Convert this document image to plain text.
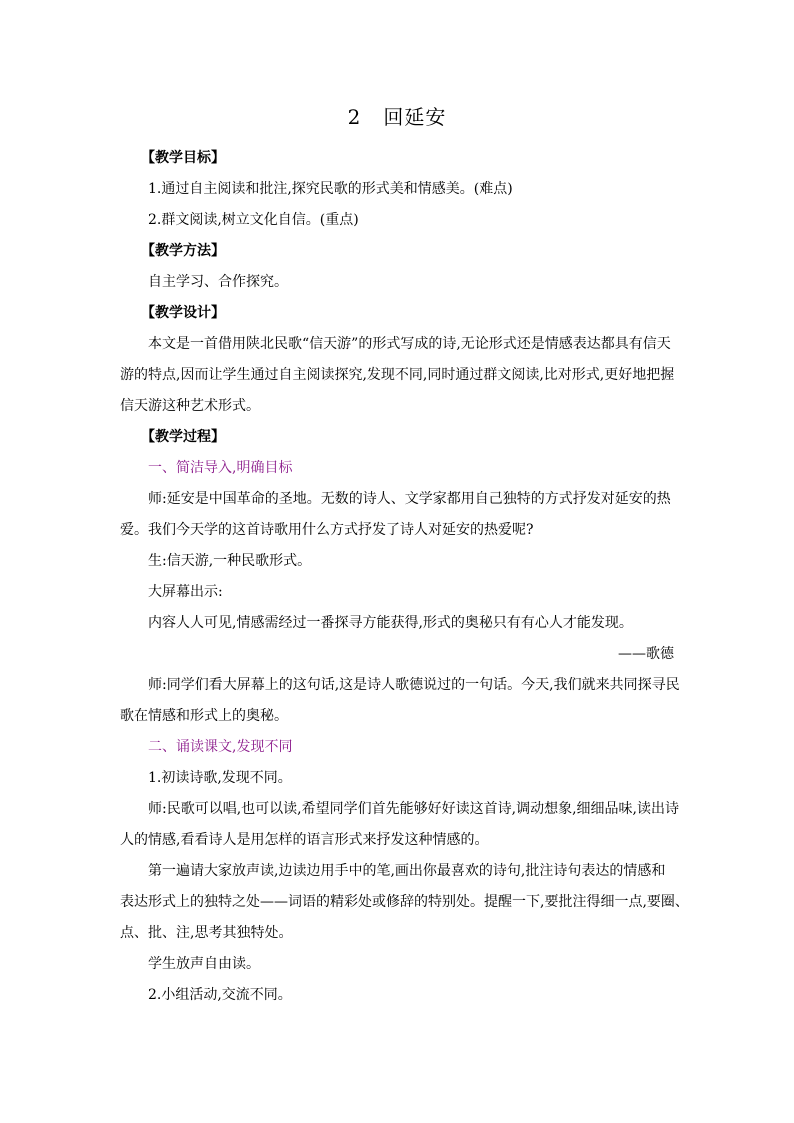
2 回延安

【教学目标】

1.通过自主阅读和批注,探究民歌的形式美和情感美。(难点)

2.群文阅读,树立文化自信。(重点)

【教学方法】

自主学习、合作探究。

【教学设计】

本文是一首借用陕北民歌“信天游”的形式写成的诗,无论形式还是情感表达都具有信天

游的特点,因而让学生通过自主阅读探究,发现不同,同时通过群文阅读,比对形式,更好地把握

信天游这种艺术形式。

【教学过程】

一、简洁导入,明确目标

师:延安是中国革命的圣地。无数的诗人、文学家都用自己独特的方式抒发对延安的热

爱。我们今天学的这首诗歌用什么方式抒发了诗人对延安的热爱呢?

生:信天游,一种民歌形式。

大屏幕出示:

内容人人可见,情感需经过一番探寻方能获得,形式的奥秘只有有心人才能发现。

——歌德

师:同学们看大屏幕上的这句话,这是诗人歌德说过的一句话。今天,我们就来共同探寻民

歌在情感和形式上的奥秘。

二、诵读课文,发现不同

1.初读诗歌,发现不同。

师:民歌可以唱,也可以读,希望同学们首先能够好好读这首诗,调动想象,细细品味,读出诗

人的情感,看看诗人是用怎样的语言形式来抒发这种情感的。

第一遍请大家放声读,边读边用手中的笔,画出你最喜欢的诗句,批注诗句表达的情感和

表达形式上的独特之处——词语的精彩处或修辞的特别处。提醒一下,要批注得细一点,要圈、

点、批、注,思考其独特处。

学生放声自由读。

2.小组活动,交流不同。
